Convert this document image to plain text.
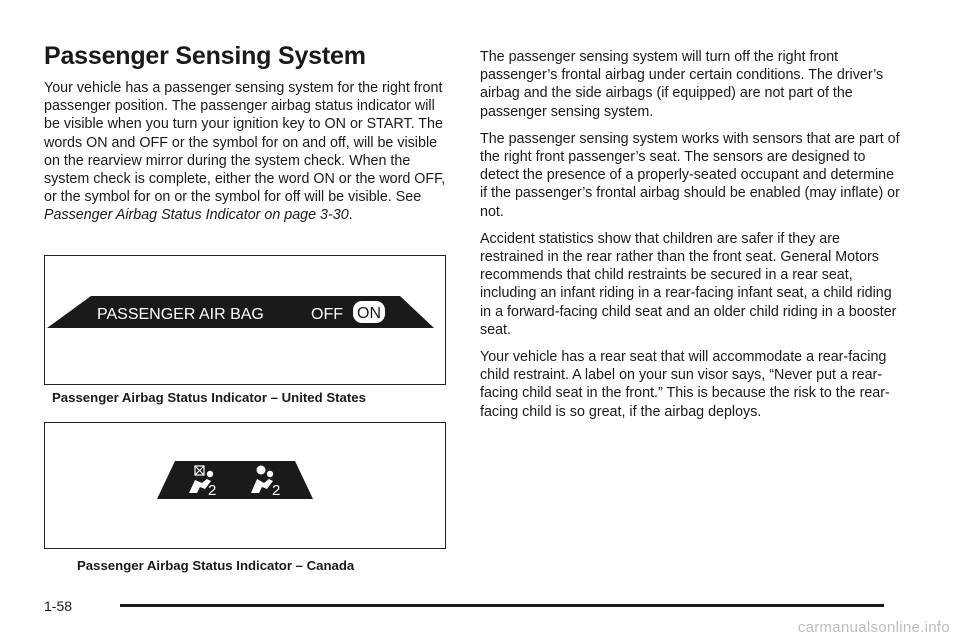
Passenger Sensing System

Your vehicle has a passenger sensing system for the right front passenger position. The passenger airbag status indicator will be visible when you turn your ignition key to ON or START. The words ON and OFF or the symbol for on and off, will be visible on the rearview mirror during the system check. When the system check is complete, either the word ON or the word OFF, or the symbol for on or the symbol for off will be visible. See Passenger Airbag Status Indicator on page 3-30.

PASSENGER AIR BAG	OFF ON
Passenger Airbag Status Indicator – United States
2	2
Passenger Airbag Status Indicator – Canada

The passenger sensing system will turn off the right front passenger’s frontal airbag under certain conditions. The driver’s airbag and the side airbags (if equipped) are not part of the passenger sensing system.

The passenger sensing system works with sensors that are part of the right front passenger’s seat. The sensors are designed to detect the presence of a properly-seated occupant and determine if the passenger’s frontal airbag should be enabled (may inflate) or not.

Accident statistics show that children are safer if they are restrained in the rear rather than the front seat. General Motors recommends that child restraints be secured in a rear seat, including an infant riding in a rear-facing infant seat, a child riding in a forward-facing child seat and an older child riding in a booster seat.

Your vehicle has a rear seat that will accommodate a rear-facing child restraint. A label on your sun visor says, “Never put a rear-facing child seat in the front.” This is because the risk to the rear-facing child is so great, if the airbag deploys.

1-58
carmanualsonline.info
